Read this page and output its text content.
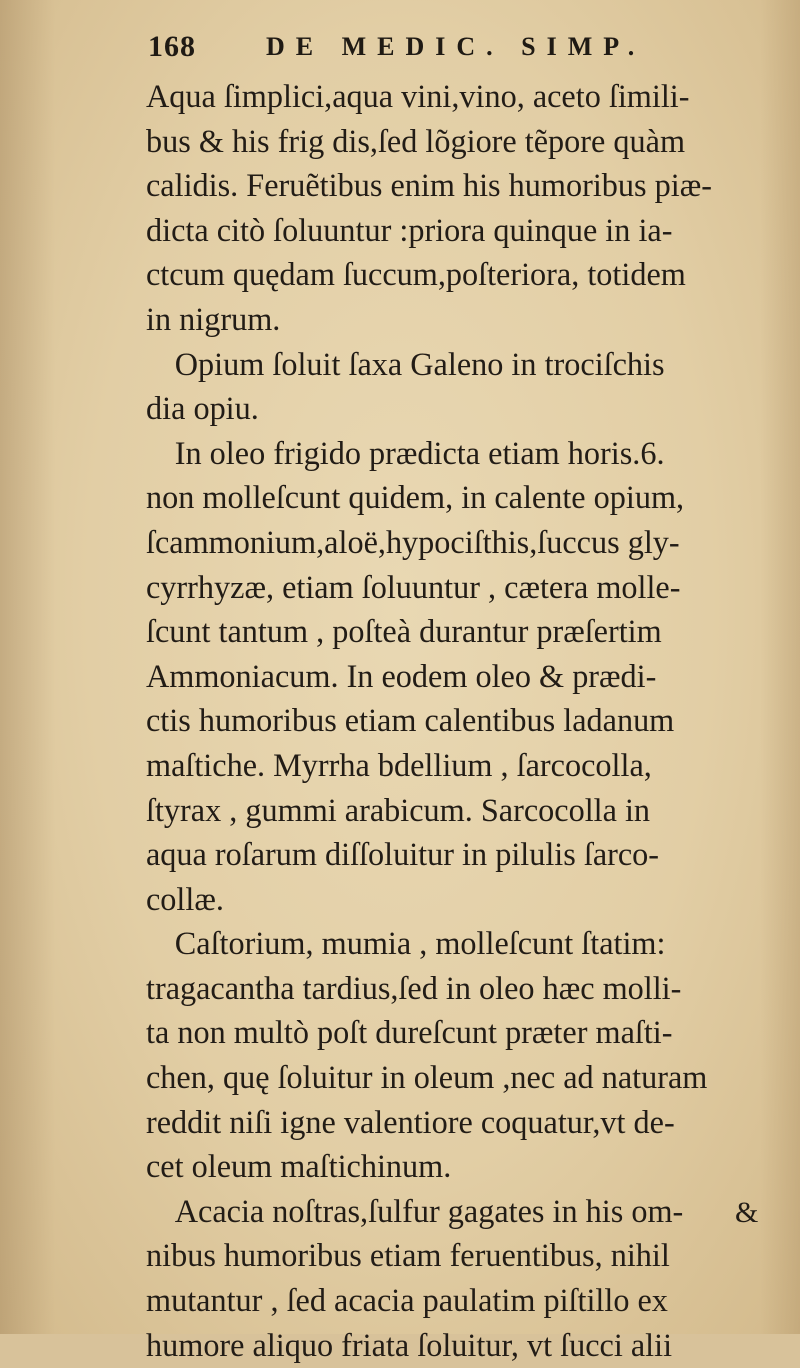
168	DE MEDIC. SIMP.
Aqua ſimplici,aqua vini,vino, aceto ſimili-
bus & his frig dis,ſed lõgiore tẽpore quàm
calidis. Feruẽtibus enim his humoribus piæ-
dicta citò ſoluuntur :priora quinque in ia-
ctcum quędam ſuccum,poſteriora, totidem
in nigrum.
Opium ſoluit ſaxa Galeno in trociſchis
dia opiu.
In oleo frigido prædicta etiam horis.6.
non molleſcunt quidem, in calente opium,
ſcammonium,aloë,hypociſthis,ſuccus gly-
cyrrhyzæ, etiam ſoluuntur , cætera molle-
ſcunt tantum , poſteà durantur præſertim
Ammoniacum. In eodem oleo & prædi-
ctis humoribus etiam calentibus ladanum
maſtiche. Myrrha bdellium , ſarcocolla,
ſtyrax , gummi arabicum. Sarcocolla in
aqua roſarum diſſoluitur in pilulis ſarco-
collæ.
Caſtorium, mumia , molleſcunt ſtatim:
tragacantha tardius,ſed in oleo hæc molli-
ta non multò poſt dureſcunt præter maſti-
chen, quę ſoluitur in oleum ,nec ad naturam
reddit niſi igne valentiore coquatur,vt de-
cet oleum maſtichinum.
Acacia noſtras,ſulfur gagates in his om-
nibus humoribus etiam feruentibus, nihil
mutantur , ſed acacia paulatim piſtillo ex
humore aliquo friata ſoluitur, vt ſucci alii
&
